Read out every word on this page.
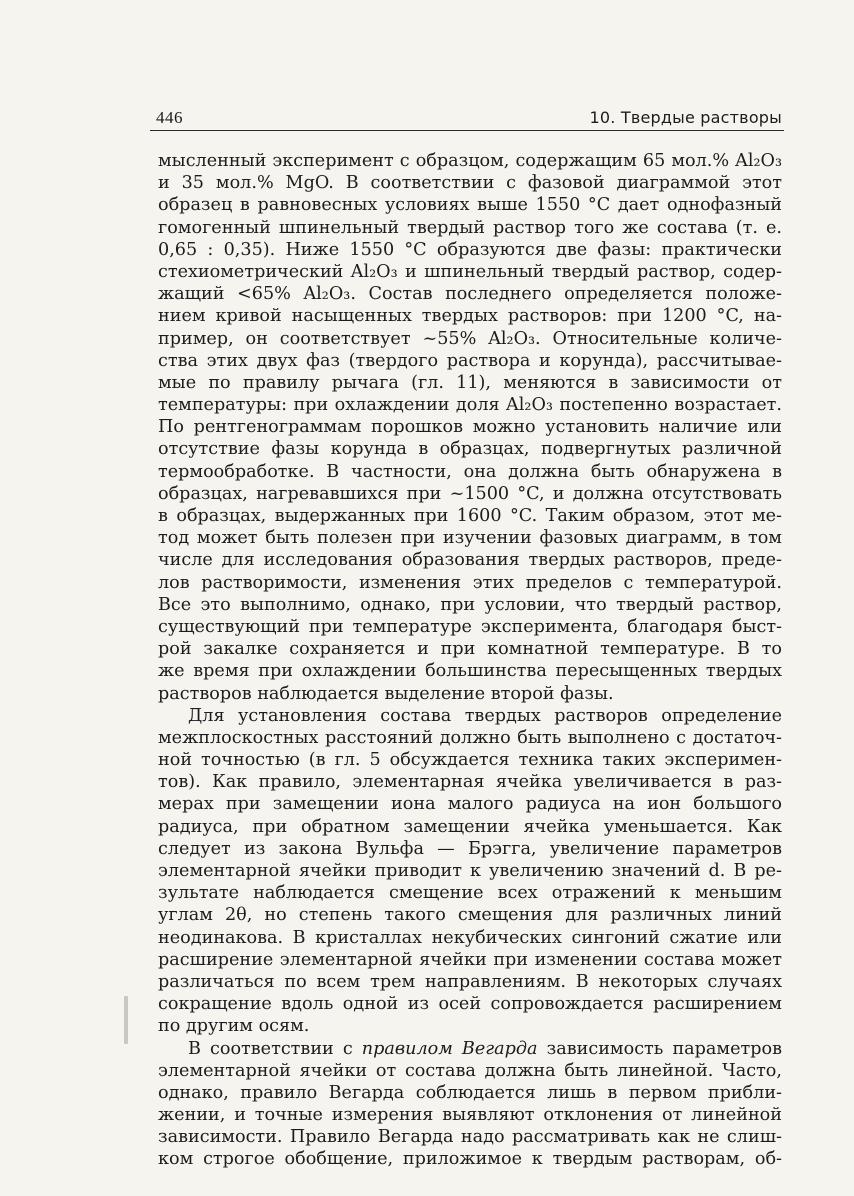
446	10. Твердые растворы
мысленный эксперимент с образцом, содержащим 65 мол.% Al₂O₃
и 35 мол.% MgO. В соответствии с фазовой диаграммой этот
образец в равновесных условиях выше 1550 °C дает однофазный
гомогенный шпинельный твердый раствор того же состава (т. е.
0,65 : 0,35). Ниже 1550 °C образуются две фазы: практически
стехиометрический Al₂O₃ и шпинельный твердый раствор, содер-
жащий <65% Al₂O₃. Состав последнего определяется положе-
нием кривой насыщенных твердых растворов: при 1200 °C, на-
пример, он соответствует ~55% Al₂O₃. Относительные количе-
ства этих двух фаз (твердого раствора и корунда), рассчитывае-
мые по правилу рычага (гл. 11), меняются в зависимости от
температуры: при охлаждении доля Al₂O₃ постепенно возрастает.
По рентгенограммам порошков можно установить наличие или
отсутствие фазы корунда в образцах, подвергнутых различной
термообработке. В частности, она должна быть обнаружена в
образцах, нагревавшихся при ~1500 °C, и должна отсутствовать
в образцах, выдержанных при 1600 °C. Таким образом, этот ме-
тод может быть полезен при изучении фазовых диаграмм, в том
числе для исследования образования твердых растворов, преде-
лов растворимости, изменения этих пределов с температурой.
Все это выполнимо, однако, при условии, что твердый раствор,
существующий при температуре эксперимента, благодаря быст-
рой закалке сохраняется и при комнатной температуре. В то
же время при охлаждении большинства пересыщенных твердых
растворов наблюдается выделение второй фазы.
Для установления состава твердых растворов определение
межплоскостных расстояний должно быть выполнено с достаточ-
ной точностью (в гл. 5 обсуждается техника таких эксперимен-
тов). Как правило, элементарная ячейка увеличивается в раз-
мерах при замещении иона малого радиуса на ион большого
радиуса, при обратном замещении ячейка уменьшается. Как
следует из закона Вульфа — Брэгга, увеличение параметров
элементарной ячейки приводит к увеличению значений d. В ре-
зультате наблюдается смещение всех отражений к меньшим
углам 2θ, но степень такого смещения для различных линий
неодинакова. В кристаллах некубических сингоний сжатие или
расширение элементарной ячейки при изменении состава может
различаться по всем трем направлениям. В некоторых случаях
сокращение вдоль одной из осей сопровождается расширением
по другим осям.
В соответствии с правилом Вегарда зависимость параметров
элементарной ячейки от состава должна быть линейной. Часто,
однако, правило Вегарда соблюдается лишь в первом прибли-
жении, и точные измерения выявляют отклонения от линейной
зависимости. Правило Вегарда надо рассматривать как не слиш-
ком строгое обобщение, приложимое к твердым растворам, об-
